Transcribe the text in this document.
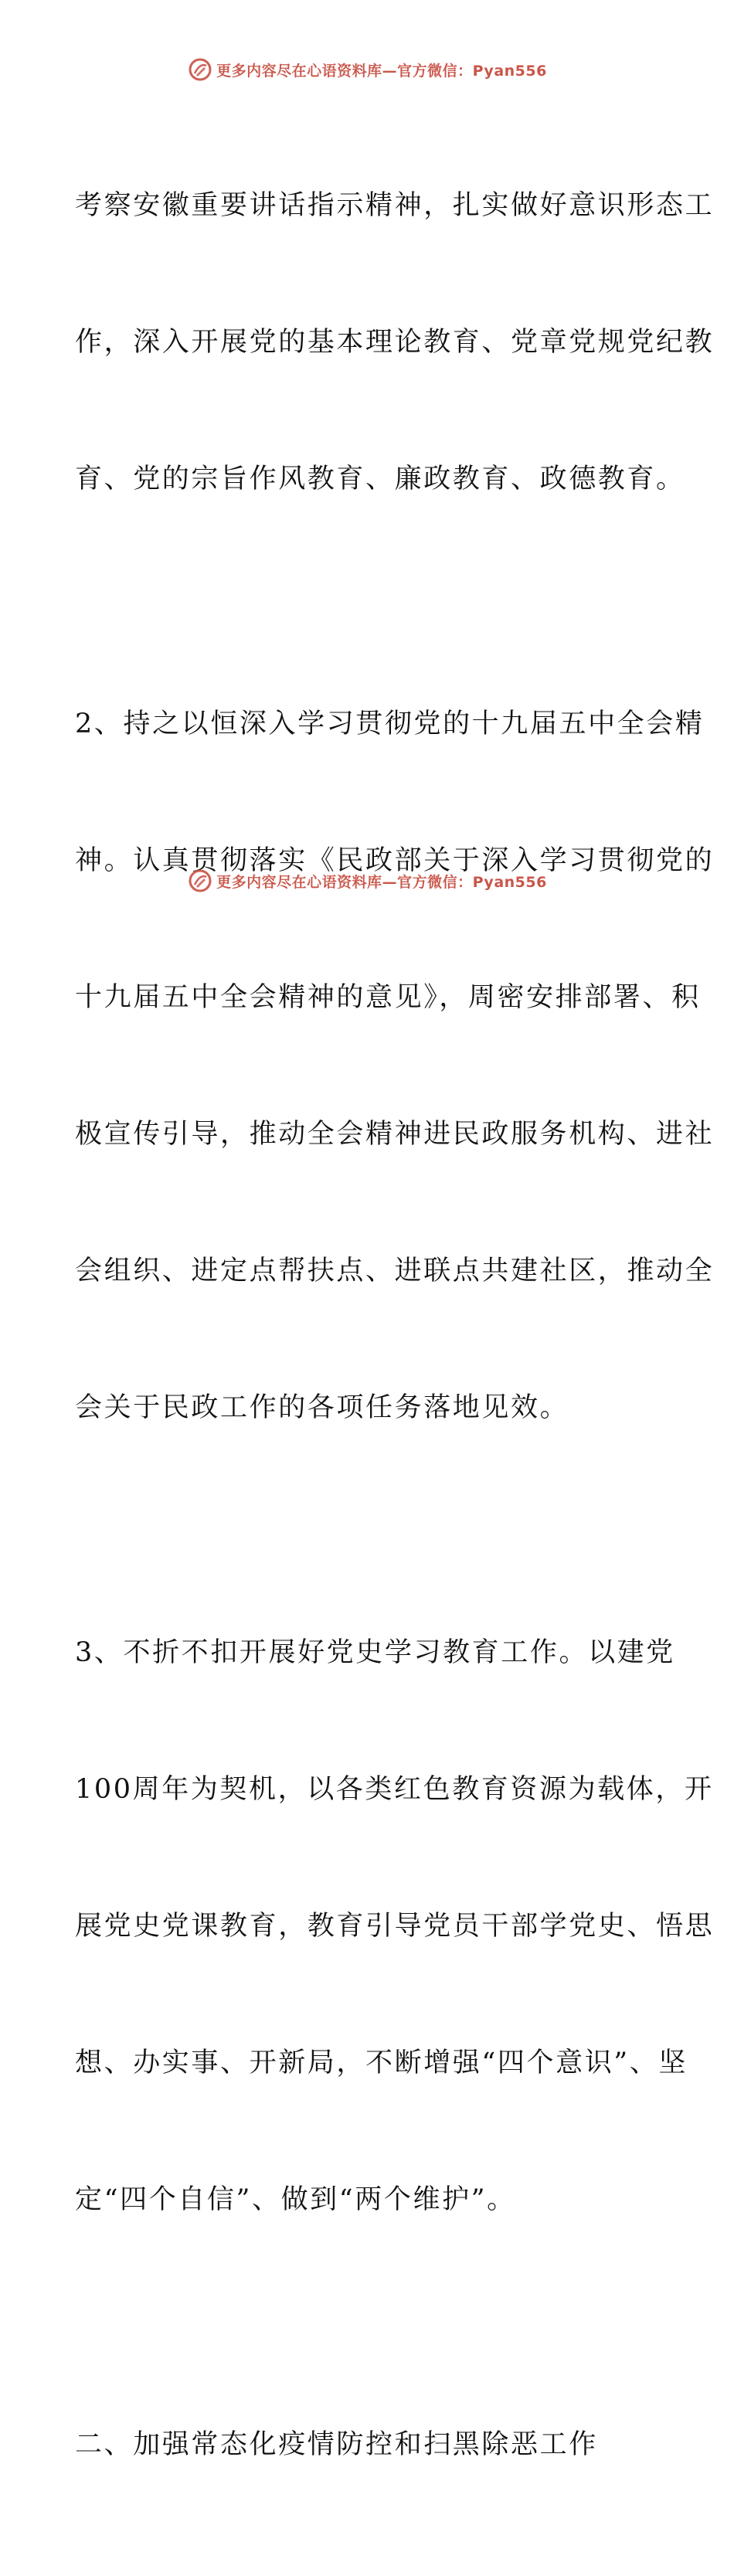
更多内容尽在心语资料库—官方微信：Pyan556

考察安徽重要讲话指示精神，扎实做好意识形态工

作，深入开展党的基本理论教育、党章党规党纪教

育、党的宗旨作风教育、廉政教育、政德教育。

2、持之以恒深入学习贯彻党的十九届五中全会精

神。认真贯彻落实《民政部关于深入学习贯彻党的

十九届五中全会精神的意见》，周密安排部署、积

极宣传引导，推动全会精神进民政服务机构、进社

会组织、进定点帮扶点、进联点共建社区，推动全

会关于民政工作的各项任务落地见效。

3、不折不扣开展好党史学习教育工作。以建党

100周年为契机，以各类红色教育资源为载体，开

展党史党课教育，教育引导党员干部学党史、悟思

想、办实事、开新局，不断增强“四个意识”、坚

定“四个自信”、做到“两个维护”。

二、加强常态化疫情防控和扫黑除恶工作

更多内容尽在心语资料库—官方微信：Pyan556
